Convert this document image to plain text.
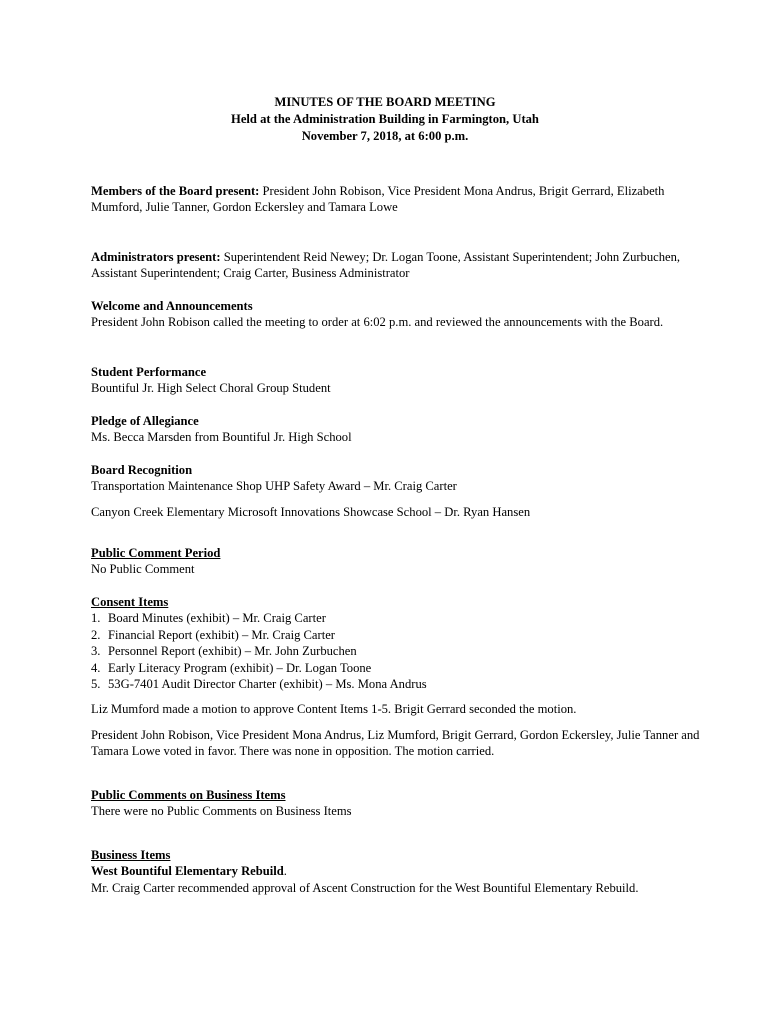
MINUTES OF THE BOARD MEETING
Held at the Administration Building in Farmington, Utah
November 7, 2018, at 6:00 p.m.

Members of the Board present: President John Robison, Vice President Mona Andrus, Brigit Gerrard, Elizabeth Mumford, Julie Tanner, Gordon Eckersley and Tamara Lowe

Administrators present: Superintendent Reid Newey; Dr. Logan Toone, Assistant Superintendent; John Zurbuchen, Assistant Superintendent; Craig Carter, Business Administrator

Welcome and Announcements

President John Robison called the meeting to order at 6:02 p.m. and reviewed the announcements with the Board.

Student Performance

Bountiful Jr. High Select Choral Group Student

Pledge of Allegiance

Ms. Becca Marsden from Bountiful Jr. High School

Board Recognition

Transportation Maintenance Shop UHP Safety Award – Mr. Craig Carter

Canyon Creek Elementary Microsoft Innovations Showcase School – Dr. Ryan Hansen

Public Comment Period

No Public Comment

Consent Items

1. Board Minutes (exhibit) – Mr. Craig Carter
2. Financial Report (exhibit) – Mr. Craig Carter
3. Personnel Report (exhibit) – Mr. John Zurbuchen
4. Early Literacy Program (exhibit) – Dr. Logan Toone
5. 53G-7401 Audit Director Charter (exhibit) – Ms. Mona Andrus

Liz Mumford made a motion to approve Content Items 1-5. Brigit Gerrard seconded the motion.

President John Robison, Vice President Mona Andrus, Liz Mumford, Brigit Gerrard, Gordon Eckersley, Julie Tanner and Tamara Lowe voted in favor. There was none in opposition. The motion carried.

Public Comments on Business Items

There were no Public Comments on Business Items

Business Items

West Bountiful Elementary Rebuild.

Mr. Craig Carter recommended approval of Ascent Construction for the West Bountiful Elementary Rebuild.
